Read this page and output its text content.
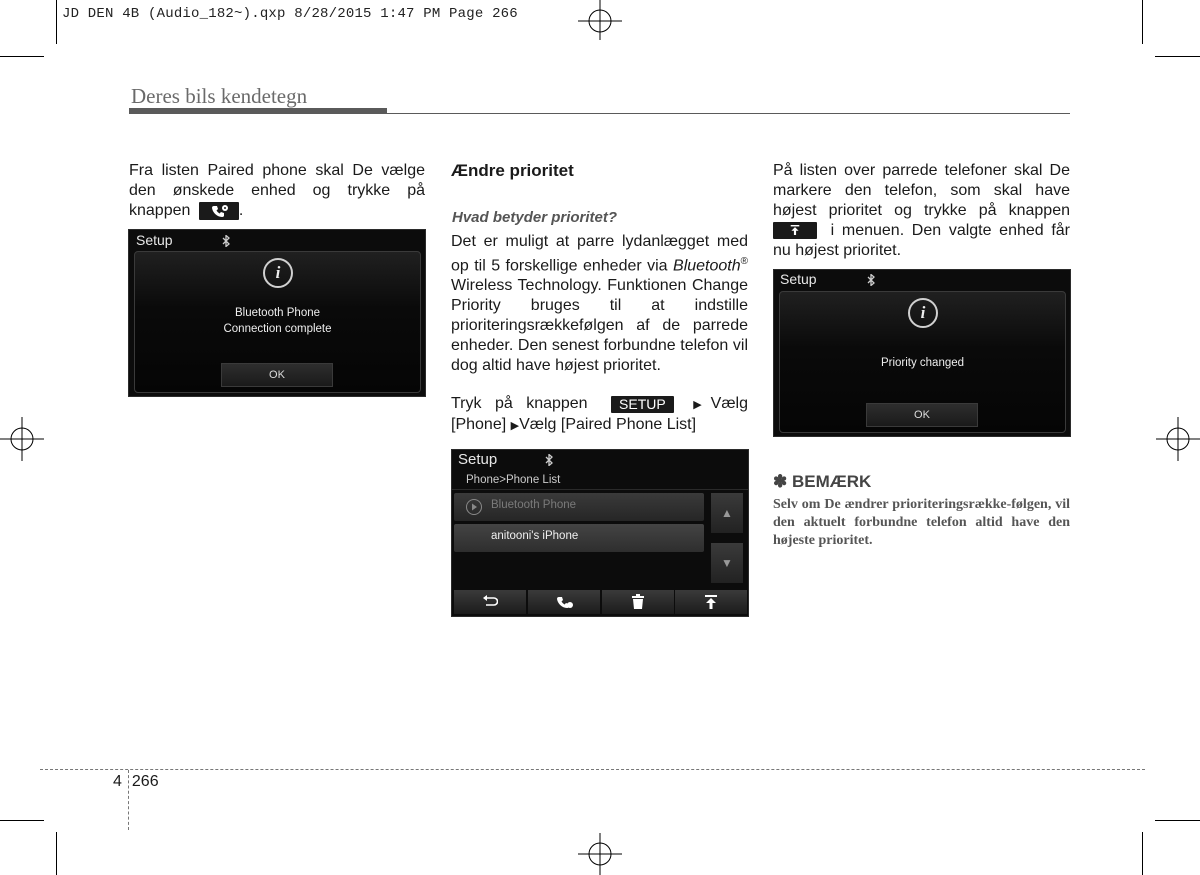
JD DEN 4B (Audio_182~).qxp 8/28/2015 1:47 PM Page 266
Deres bils kendetegn

Fra listen Paired phone skal De vælge den ønskede enhed og trykke på knappen	.

Setup
i
Bluetooth Phone
Connection complete
OK
Ændre prioritet
Hvad betyder prioritet?

Det er muligt at parre lydanlægget med op til 5 forskellige enheder via Bluetooth® Wireless Technology. Funktionen Change Priority bruges til at indstille prioriteringsrækkefølgen af de parrede enheder. Den senest forbundne telefon vil dog altid have højest prioritet.

Tryk på knappen SETUP ▶Vælg [Phone] ▶Vælg [Paired Phone List]

Setup
Phone>Phone List
Bluetooth Phone
anitooni's iPhone
▲
▼

På listen over parrede telefoner skal De markere den telefon, som skal have højest prioritet og trykke på knappen  i menuen. Den valgte enhed får nu højest prioritet.

Setup
i
Priority changed
OK
✽ BEMÆRK
Selv om De ændrer prioriteringsrække-følgen, vil den aktuelt forbundne telefon altid have den højeste prioritet.
4 266
